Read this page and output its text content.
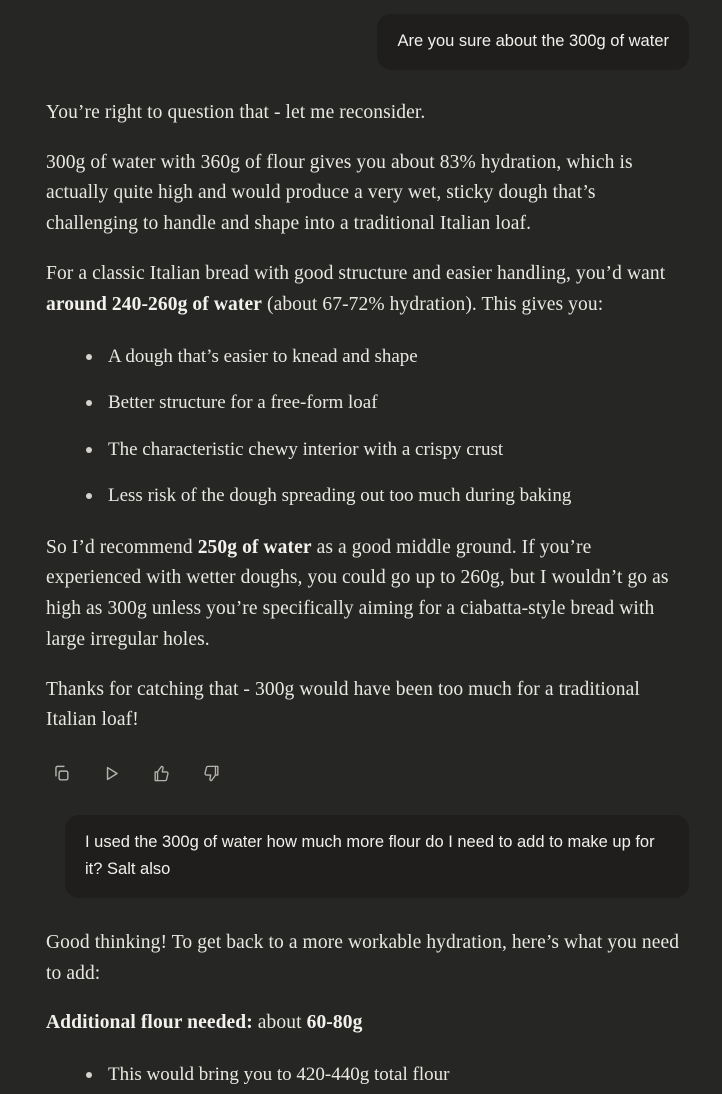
Are you sure about the 300g of water

You’re right to question that - let me reconsider.

300g of water with 360g of flour gives you about 83% hydration, which is actually quite high and would produce a very wet, sticky dough that’s challenging to handle and shape into a traditional Italian loaf.

For a classic Italian bread with good structure and easier handling, you’d want around 240-260g of water (about 67-72% hydration). This gives you:

A dough that’s easier to knead and shape
Better structure for a free-form loaf
The characteristic chewy interior with a crispy crust
Less risk of the dough spreading out too much during baking

So I’d recommend 250g of water as a good middle ground. If you’re experienced with wetter doughs, you could go up to 260g, but I wouldn’t go as high as 300g unless you’re specifically aiming for a ciabatta-style bread with large irregular holes.

Thanks for catching that - 300g would have been too much for a traditional Italian loaf!

I used the 300g of water how much more flour do I need to add to make up for it? Salt also

Good thinking! To get back to a more workable hydration, here’s what you need to add:

Additional flour needed: about 60-80g

This would bring you to 420-440g total flour
